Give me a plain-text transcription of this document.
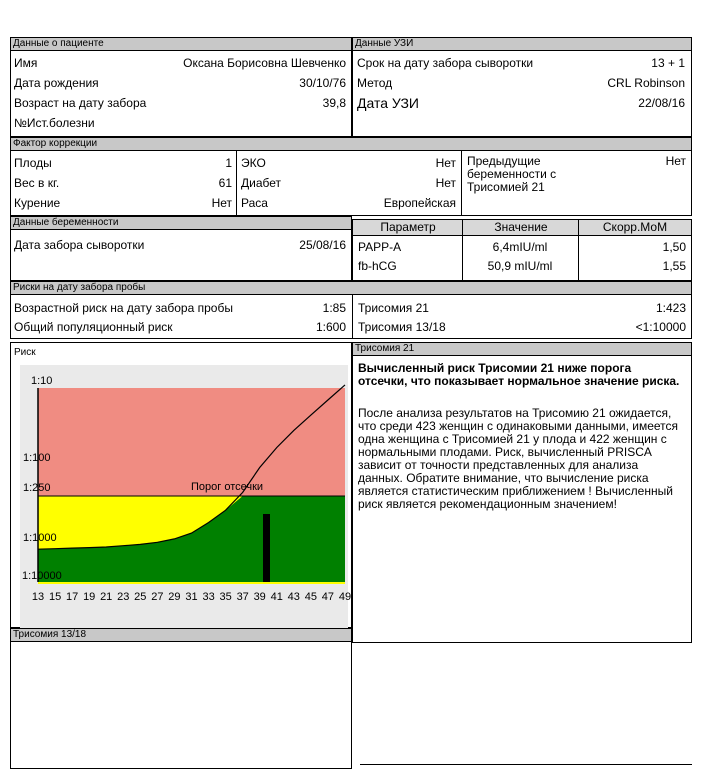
Данные о пациенте
Имя	Оксана Борисовна Шевченко
Дата рождения	30/10/76
Возраст на дату забора	39,8
№Ист.болезни
Данные УЗИ
Срок на дату забора сыворотки	13 + 1
Метод	CRL Robinson
Дата УЗИ	22/08/16
Фактор коррекции
Плоды	1
Вес в кг.	61
Курение	Нет
ЭКО	Нет
Диабет	Нет
Раса	Европейская
Предыдущие беременности с Трисомией 21
Нет
Данные беременности
Дата забора сыворотки	25/08/16
Параметр	Значение	Скорр.МоМ
PAPP-A	6,4mIU/ml	1,50
fb-hCG	50,9 mIU/ml	1,55
Риски на дату забора пробы
Возрастной риск на дату забора пробы	1:85
Общий популяционный риск	1:600
Трисомия 21	1:423
Трисомия 13/18	<1:10000
Риск
Порог отсечки
1:10
1:100
1:250
1:1000
1:10000
13 15 17 19 21 23 25 27 29 31 33 35 37 39 41 43 45 47 49
Трисомия 21
Вычисленный риск Трисомии 21 ниже порога отсечки, что показывает нормальное значение риска.
После анализа результатов на Трисомию 21 ожидается, что среди 423 женщин с одинаковыми данными, имеется одна женщина с Трисомией 21 у плода и 422 женщин с нормальными плодами. Риск, вычисленный PRISCA зависит от точности представленных для анализа данных. Обратите внимание, что вычисление риска является статистическим приближением ! Вычисленный риск является рекомендационным значением!
Трисомия 13/18
